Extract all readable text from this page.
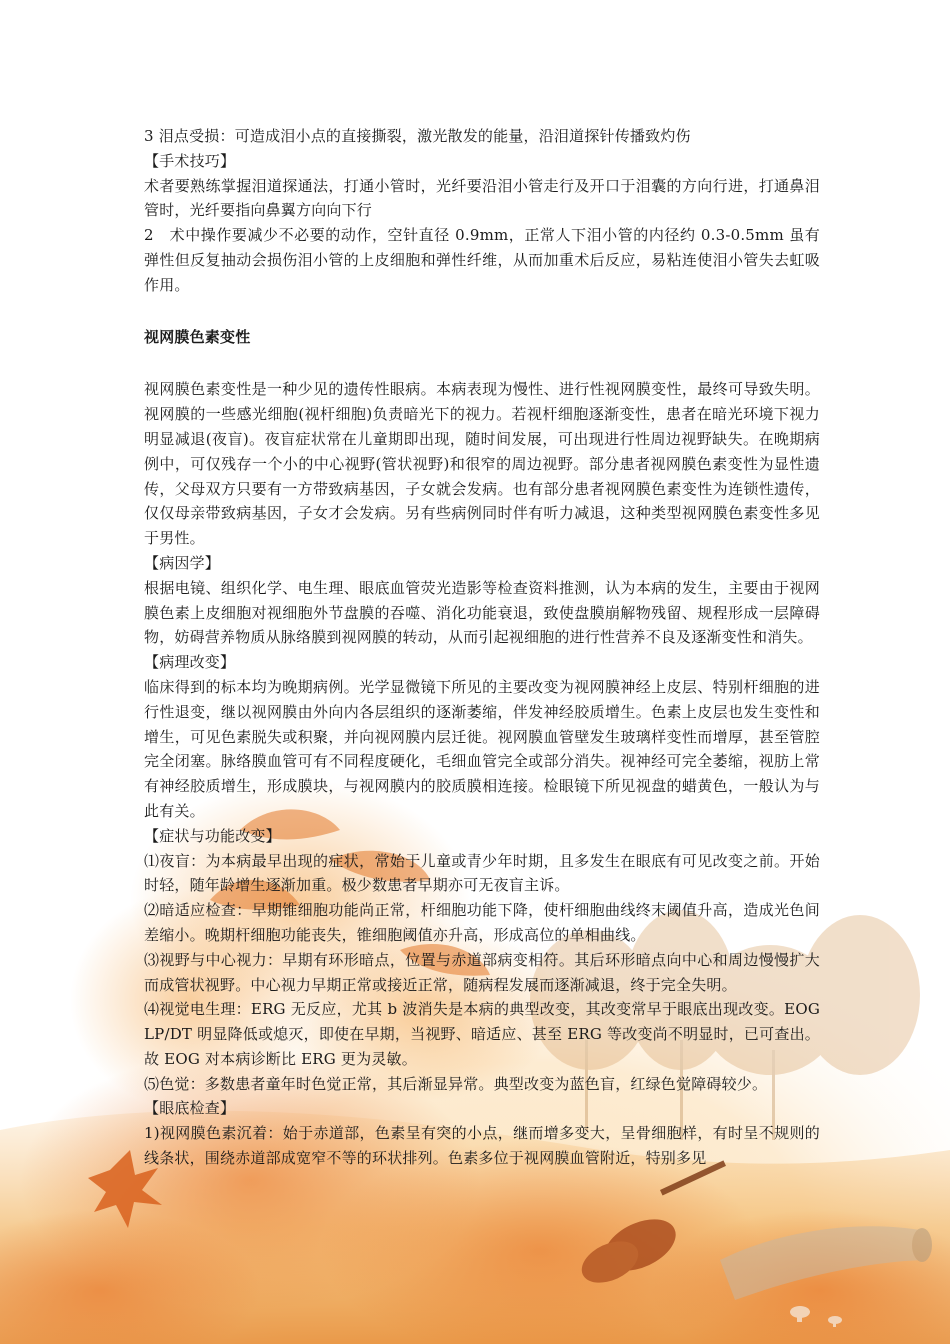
3 泪点受损：可造成泪小点的直接撕裂，激光散发的能量，沿泪道探针传播致灼伤

【手术技巧】

术者要熟练掌握泪道探通法，打通小管时，光纤要沿泪小管走行及开口于泪囊的方向行进，打通鼻泪管时，光纤要指向鼻翼方向向下行

2　术中操作要减少不必要的动作，空针直径 0.9mm，正常人下泪小管的内径约 0.3-0.5mm 虽有弹性但反复抽动会损伤泪小管的上皮细胞和弹性纤维，从而加重术后反应，易粘连使泪小管失去虹吸作用。

视网膜色素变性

视网膜色素变性是一种少见的遗传性眼病。本病表现为慢性、进行性视网膜变性，最终可导致失明。视网膜的一些感光细胞(视杆细胞)负责暗光下的视力。若视杆细胞逐渐变性，患者在暗光环境下视力明显减退(夜盲)。夜盲症状常在儿童期即出现，随时间发展，可出现进行性周边视野缺失。在晚期病例中，可仅残存一个小的中心视野(管状视野)和很窄的周边视野。部分患者视网膜色素变性为显性遗传，父母双方只要有一方带致病基因，子女就会发病。也有部分患者视网膜色素变性为连锁性遗传，仅仅母亲带致病基因，子女才会发病。另有些病例同时伴有听力减退，这种类型视网膜色素变性多见于男性。

【病因学】

根据电镜、组织化学、电生理、眼底血管荧光造影等检查资料推测，认为本病的发生，主要由于视网膜色素上皮细胞对视细胞外节盘膜的吞噬、消化功能衰退，致使盘膜崩解物残留、规程形成一层障碍物，妨碍营养物质从脉络膜到视网膜的转动，从而引起视细胞的进行性营养不良及逐渐变性和消失。

【病理改变】

临床得到的标本均为晚期病例。光学显微镜下所见的主要改变为视网膜神经上皮层、特别杆细胞的进行性退变，继以视网膜由外向内各层组织的逐渐萎缩，伴发神经胶质增生。色素上皮层也发生变性和增生，可见色素脱失或积聚，并向视网膜内层迁徙。视网膜血管壁发生玻璃样变性而增厚，甚至管腔完全闭塞。脉络膜血管可有不同程度硬化，毛细血管完全或部分消失。视神经可完全萎缩，视肪上常有神经胶质增生，形成膜块，与视网膜内的胶质膜相连接。检眼镜下所见视盘的蜡黄色，一般认为与此有关。

【症状与功能改变】

⑴夜盲：为本病最早出现的症状，常始于儿童或青少年时期，且多发生在眼底有可见改变之前。开始时轻，随年龄增生逐渐加重。极少数患者早期亦可无夜盲主诉。

⑵暗适应检查：早期锥细胞功能尚正常，杆细胞功能下降，使杆细胞曲线终末阈值升高，造成光色间差缩小。晚期杆细胞功能丧失，锥细胞阈值亦升高，形成高位的单相曲线。

⑶视野与中心视力：早期有环形暗点，位置与赤道部病变相符。其后环形暗点向中心和周边慢慢扩大而成管状视野。中心视力早期正常或接近正常，随病程发展而逐渐减退，终于完全失明。

⑷视觉电生理：ERG 无反应，尤其 b 波消失是本病的典型改变，其改变常早于眼底出现改变。EOG LP/DT 明显降低或熄灭，即使在早期，当视野、暗适应、甚至 ERG 等改变尚不明显时，已可查出。故 EOG 对本病诊断比 ERG 更为灵敏。

⑸色觉：多数患者童年时色觉正常，其后渐显异常。典型改变为蓝色盲，红绿色觉障碍较少。

【眼底检查】

1)视网膜色素沉着：始于赤道部，色素呈有突的小点，继而增多变大，呈骨细胞样，有时呈不规则的线条状，围绕赤道部成宽窄不等的环状排列。色素多位于视网膜血管附近，特别多见
